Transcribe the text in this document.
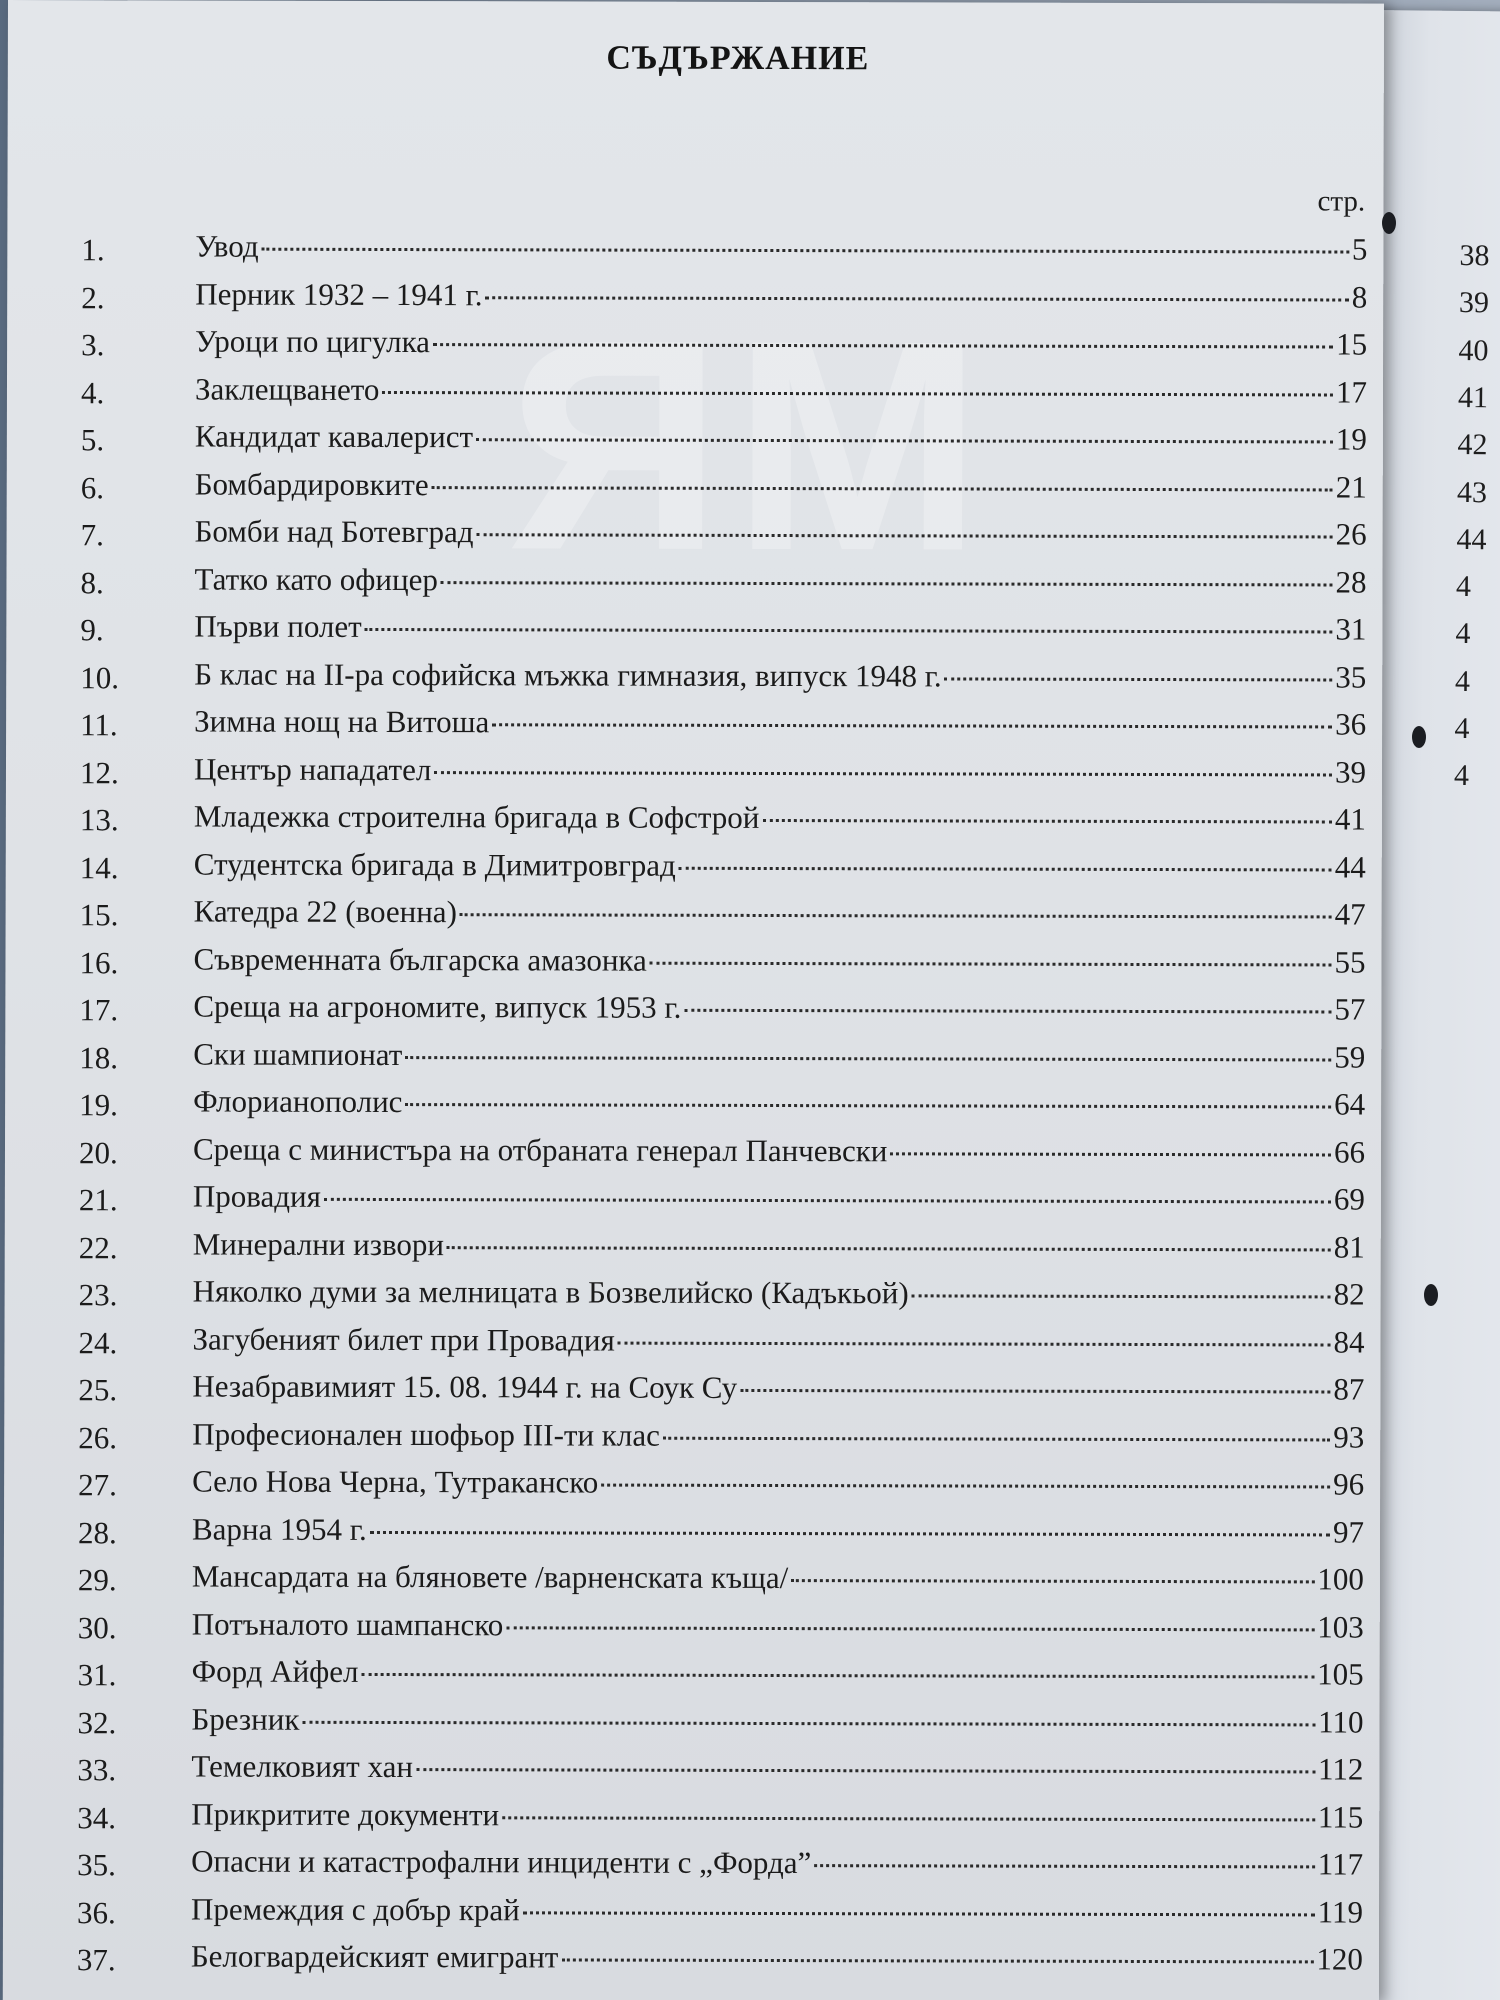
38
39
40
41
42
43
44
4
4
4
4
4
ЯМ
СЪДЪРЖАНИЕ
стр.
1.	Увод	5
2.	Перник 1932 – 1941 г.	8
3.	Уроци по цигулка	15
4.	Заклещването	17
5.	Кандидат кавалерист	19
6.	Бомбардировките	21
7.	Бомби над Ботевград	26
8.	Татко като офицер	28
9.	Първи полет	31
10. Б клас на II-ра софийска мъжка гимназия, випуск 1948 г.	35
11. Зимна нощ на Витоша	36
12. Център нападател	39
13. Младежка строителна бригада в Софстрой	41
14. Студентска бригада в Димитровград	44
15. Катедра 22 (военна)	47
16. Съвременната българска амазонка	55
17. Среща на агрономите, випуск 1953 г.	57
18. Ски шампионат	59
19. Флорианополис	64
20. Среща с министъра на отбраната генерал Панчевски	66
21. Провадия	69
22. Минерални извори	81
23. Няколко думи за мелницата в Бозвелийско (Кадъкьой)	82
24. Загубеният билет при Провадия	84
25. Незабравимият 15. 08. 1944 г. на Соук Су	87
26. Професионален шофьор III-ти клас	93
27. Село Нова Черна, Тутраканско	96
28. Варна 1954 г.	97
29. Мансардата на бляновете /варненската къща/	100
30. Потъналото шампанско	103
31. Форд Айфел	105
32. Брезник	110
33. Темелковият хан	112
34. Прикритите документи	115
35. Опасни и катастрофални инциденти с „Форда”	117
36. Премеждия с добър край	119
37. Белогвардейският емигрант	120
